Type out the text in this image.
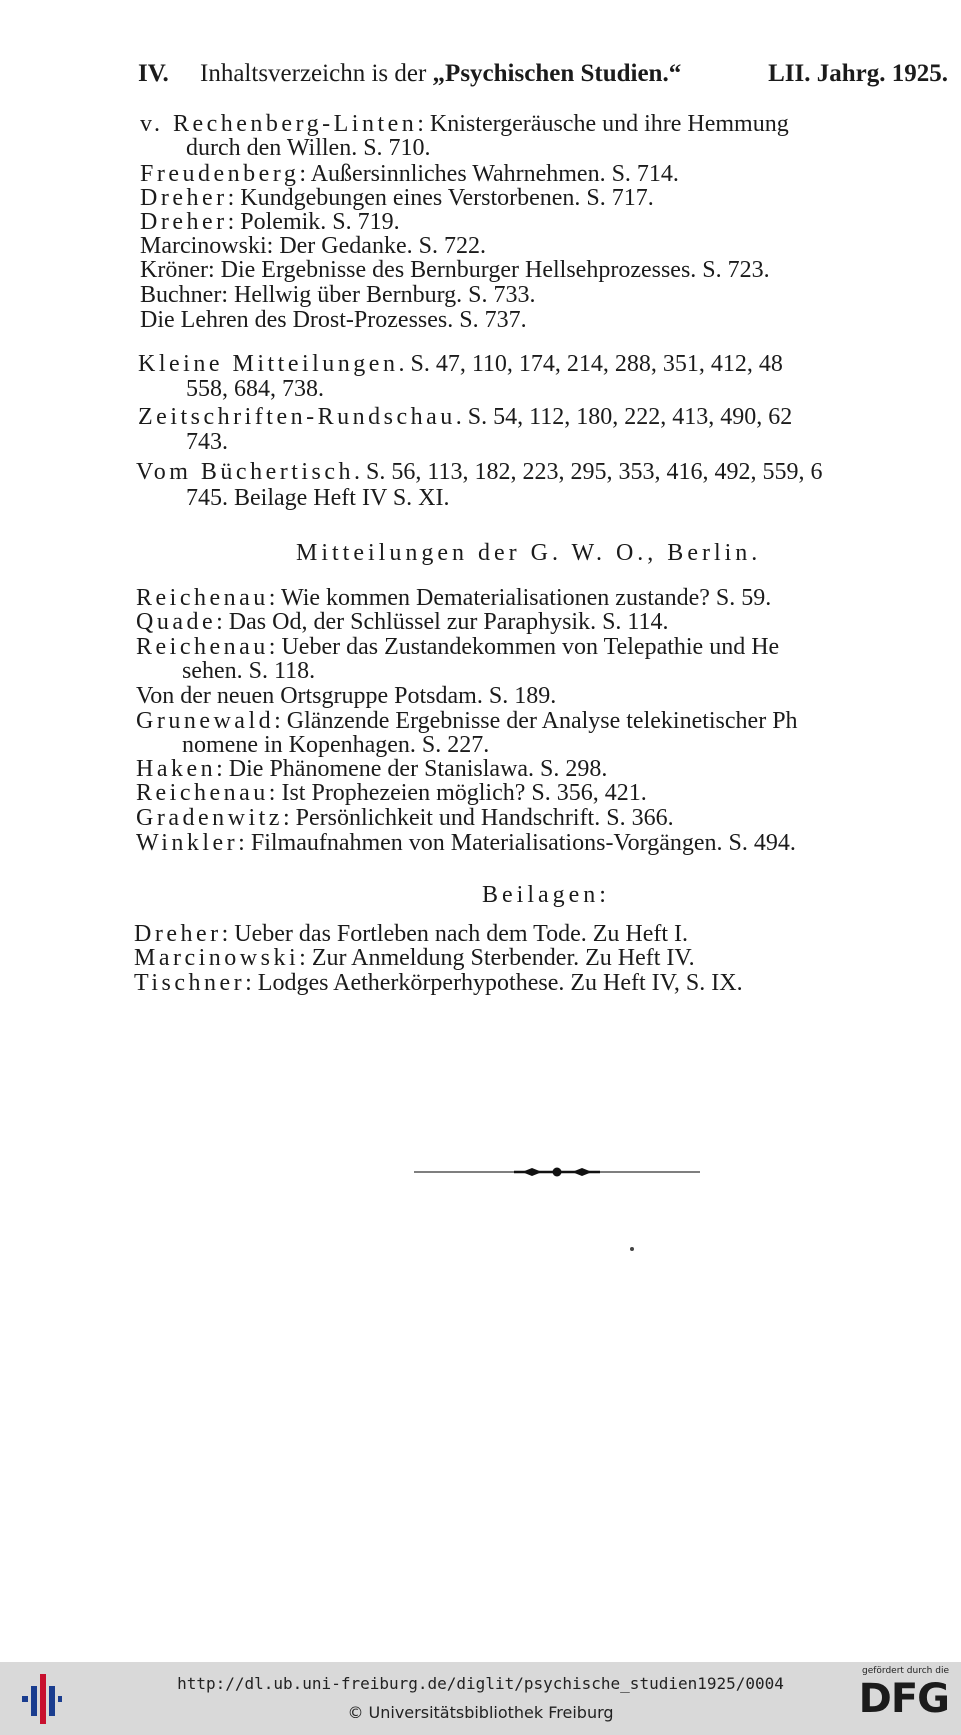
IV. Inhaltsverzeichn is der „Psychischen Studien.“	LII. Jahrg. 1925.
v. Rechenberg-Linten: Knistergeräusche und ihre Hemmung
durch den Willen. S. 710.
Freudenberg: Außersinnliches Wahrnehmen. S. 714.
Dreher: Kundgebungen eines Verstorbenen. S. 717.
Dreher: Polemik. S. 719.
Marcinowski: Der Gedanke. S. 722.
Kröner: Die Ergebnisse des Bernburger Hellsehprozesses. S. 723.
Buchner: Hellwig über Bernburg. S. 733.
Die Lehren des Drost-Prozesses. S. 737.
Kleine Mitteilungen. S. 47, 110, 174, 214, 288, 351, 412, 48
558, 684, 738.
Zeitschriften-Rundschau. S. 54, 112, 180, 222, 413, 490, 62
743.
Vom Büchertisch. S. 56, 113, 182, 223, 295, 353, 416, 492, 559, 6
745. Beilage Heft IV S. XI.
Mitteilungen der G. W. O., Berlin.
Reichenau: Wie kommen Dematerialisationen zustande? S. 59.
Quade: Das Od, der Schlüssel zur Paraphysik. S. 114.
Reichenau: Ueber das Zustandekommen von Telepathie und He
sehen. S. 118.
Von der neuen Ortsgruppe Potsdam. S. 189.
Grunewald: Glänzende Ergebnisse der Analyse telekinetischer Ph
nomene in Kopenhagen. S. 227.
Haken: Die Phänomene der Stanislawa. S. 298.
Reichenau: Ist Prophezeien möglich? S. 356, 421.
Gradenwitz: Persönlichkeit und Handschrift. S. 366.
Winkler: Filmaufnahmen von Materialisations-Vorgängen. S. 494.
Beilagen:
Dreher: Ueber das Fortleben nach dem Tode. Zu Heft I.
Marcinowski: Zur Anmeldung Sterbender. Zu Heft IV.
Tischner: Lodges Aetherkörperhypothese. Zu Heft IV, S. IX.
http://dl.ub.uni-freiburg.de/diglit/psychische_studien1925/0004
© Universitätsbibliothek Freiburg
gefördert durch die
DFG
